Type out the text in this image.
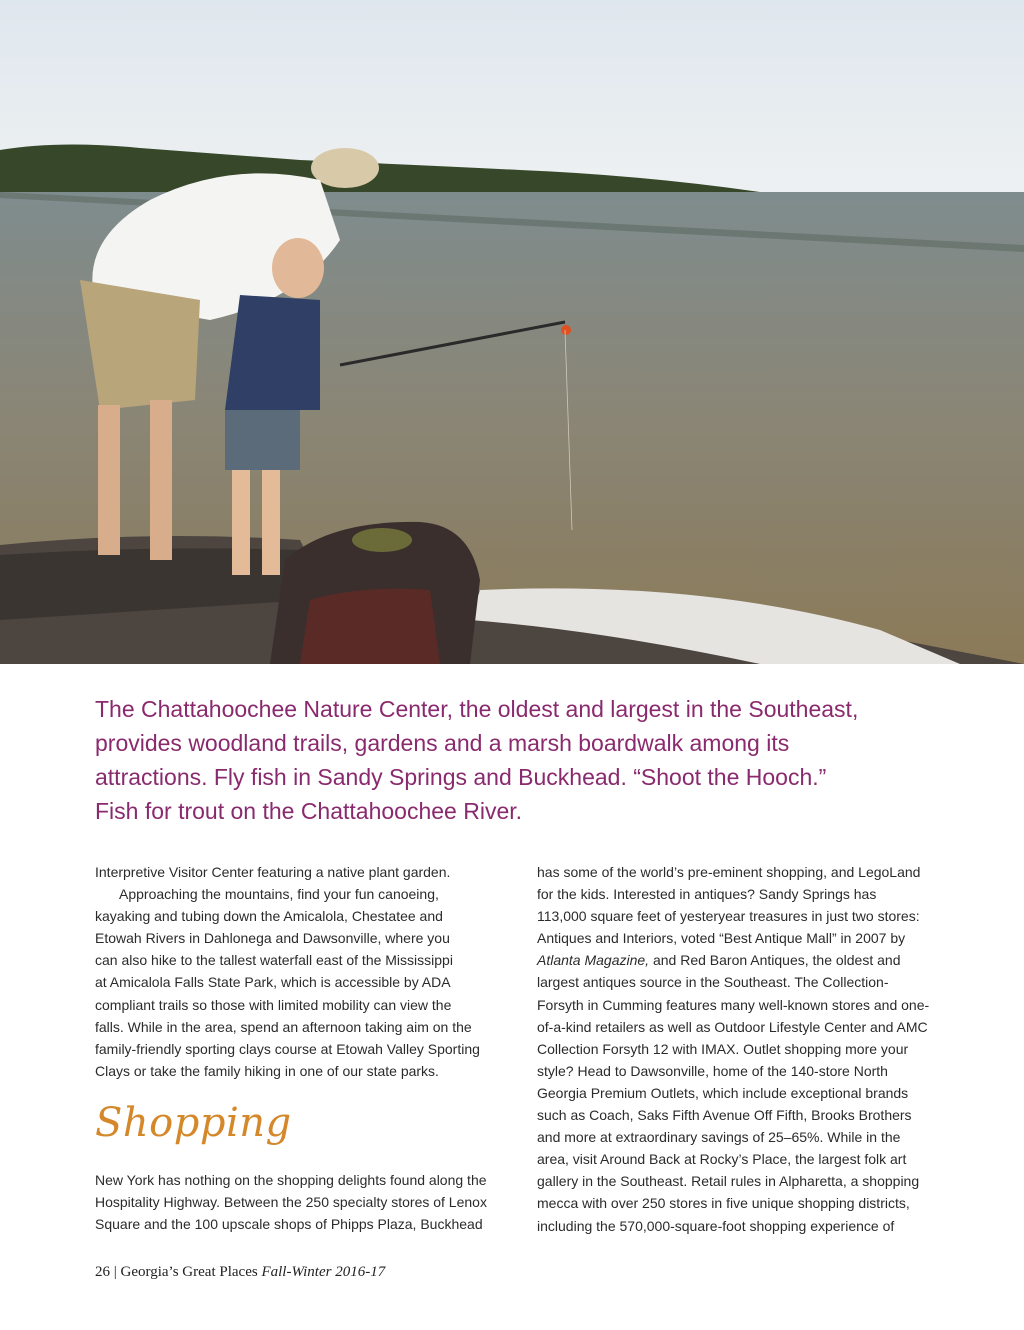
The Chattahoochee Nature Center, the oldest and largest in the Southeast,
provides woodland trails, gardens and a marsh boardwalk among its
attractions. Fly fish in Sandy Springs and Buckhead. “Shoot the Hooch.”
Fish for trout on the Chattahoochee River.

Interpretive Visitor Center featuring a native plant garden.
Approaching the mountains, find your fun canoeing,
kayaking and tubing down the Amicalola, Chestatee and
Etowah Rivers in Dahlonega and Dawsonville, where you
can also hike to the tallest waterfall east of the Mississippi
at Amicalola Falls State Park, which is accessible by ADA
compliant trails so those with limited mobility can view the
falls. While in the area, spend an afternoon taking aim on the
family-friendly sporting clays course at Etowah Valley Sporting
Clays or take the family hiking in one of our state parks.
Shopping
New York has nothing on the shopping delights found along the
Hospitality Highway. Between the 250 specialty stores of Lenox
Square and the 100 upscale shops of Phipps Plaza, Buckhead
has some of the world’s pre-eminent shopping, and LegoLand
for the kids. Interested in antiques? Sandy Springs has
113,000 square feet of yesteryear treasures in just two stores:
Antiques and Interiors, voted “Best Antique Mall” in 2007 by
Atlanta Magazine, and Red Baron Antiques, the oldest and
largest antiques source in the Southeast. The Collection-
Forsyth in Cumming features many well-known stores and one-
of-a-kind retailers as well as Outdoor Lifestyle Center and AMC
Collection Forsyth 12 with IMAX. Outlet shopping more your
style? Head to Dawsonville, home of the 140-store North
Georgia Premium Outlets, which include exceptional brands
such as Coach, Saks Fifth Avenue Off Fifth, Brooks Brothers
and more at extraordinary savings of 25–65%. While in the
area, visit Around Back at Rocky’s Place, the largest folk art
gallery in the Southeast. Retail rules in Alpharetta, a shopping
mecca with over 250 stores in five unique shopping districts,
including the 570,000-square-foot shopping experience of
26 | Georgia’s Great Places Fall-Winter 2016-17
